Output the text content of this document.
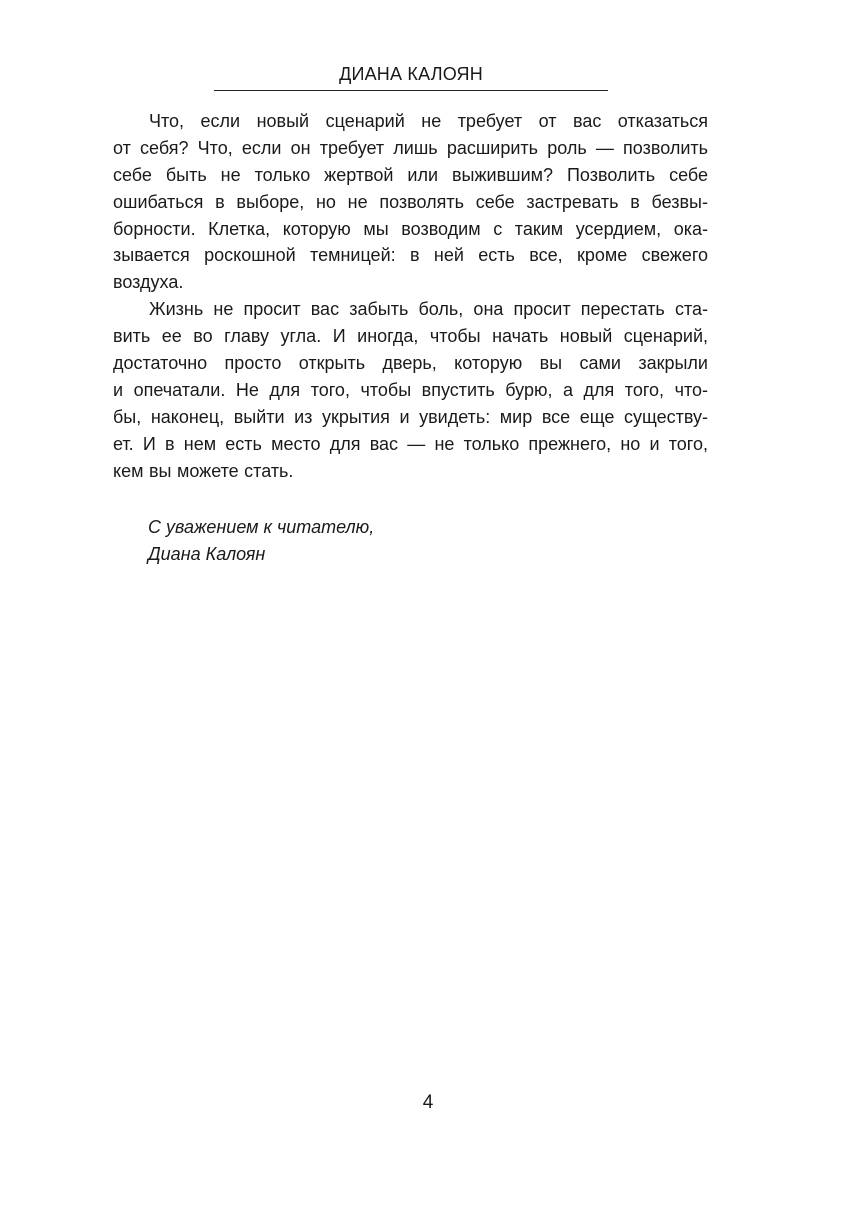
ДИАНА КАЛОЯН
Что, если новый сценарий не требует от вас отказаться
от себя? Что, если он требует лишь расширить роль — позволить
себе быть не только жертвой или выжившим? Позволить себе
ошибаться в выборе, но не позволять себе застревать в безвы-
борности. Клетка, которую мы возводим с таким усердием, ока-
зывается роскошной темницей: в ней есть все, кроме свежего
воздуха.
Жизнь не просит вас забыть боль, она просит перестать ста-
вить ее во главу угла. И иногда, чтобы начать новый сценарий,
достаточно просто открыть дверь, которую вы сами закрыли
и опечатали. Не для того, чтобы впустить бурю, а для того, что-
бы, наконец, выйти из укрытия и увидеть: мир все еще существу-
ет. И в нем есть место для вас — не только прежнего, но и того,
кем вы можете стать.
С уважением к читателю,
Диана Калоян
4
